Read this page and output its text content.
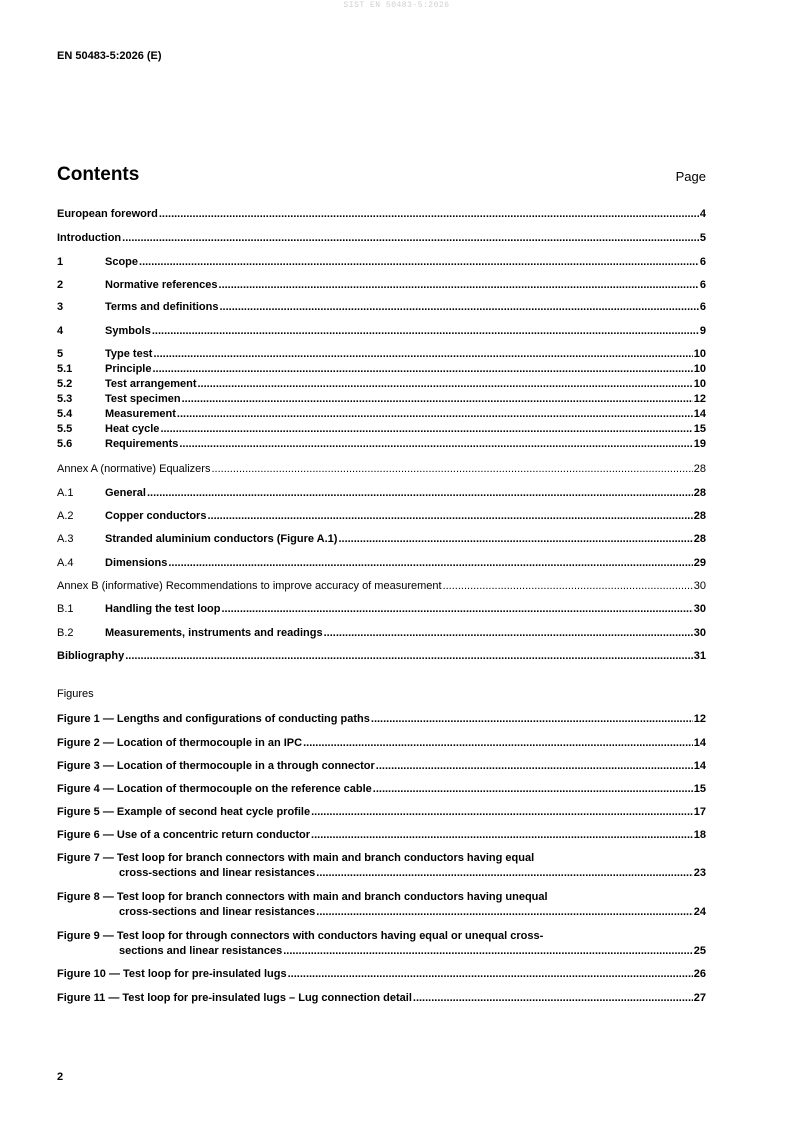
SIST EN 50483-5:2026
EN 50483-5:2026 (E)
Contents	Page
European foreword .....	4
Introduction .....	5
1	Scope .....	6
2	Normative references .....	6
3	Terms and definitions .....	6
4	Symbols .....	9
5	Type test .....	10
5.1	Principle .....	10
5.2	Test arrangement .....	10
5.3	Test specimen .....	12
5.4	Measurement .....	14
5.5	Heat cycle .....	15
5.6	Requirements .....	19
Annex A (normative) Equalizers .....	28
A.1	General .....	28
A.2	Copper conductors .....	28
A.3	Stranded aluminium conductors (Figure A.1) .....	28
A.4	Dimensions .....	29
Annex B (informative) Recommendations to improve accuracy of measurement .....	30
B.1	Handling the test loop .....	30
B.2	Measurements, instruments and readings .....	30
Bibliography .....	31
Figures
Figure 1 — Lengths and configurations of conducting paths .....	12
Figure 2 — Location of thermocouple in an IPC .....	14
Figure 3 — Location of thermocouple in a through connector .....	14
Figure 4 — Location of thermocouple on the reference cable .....	15
Figure 5 — Example of second heat cycle profile .....	17
Figure 6 — Use of a concentric return conductor .....	18
Figure 7 — Test loop for branch connectors with main and branch conductors having equal
cross-sections and linear resistances .....	23
Figure 8 — Test loop for branch connectors with main and branch conductors having unequal
cross-sections and linear resistances .....	24
Figure 9 — Test loop for through connectors with conductors having equal or unequal cross-
sections and linear resistances .....	25
Figure 10 — Test loop for pre-insulated lugs .....	26
Figure 11 — Test loop for pre-insulated lugs – Lug connection detail .....	27
2
